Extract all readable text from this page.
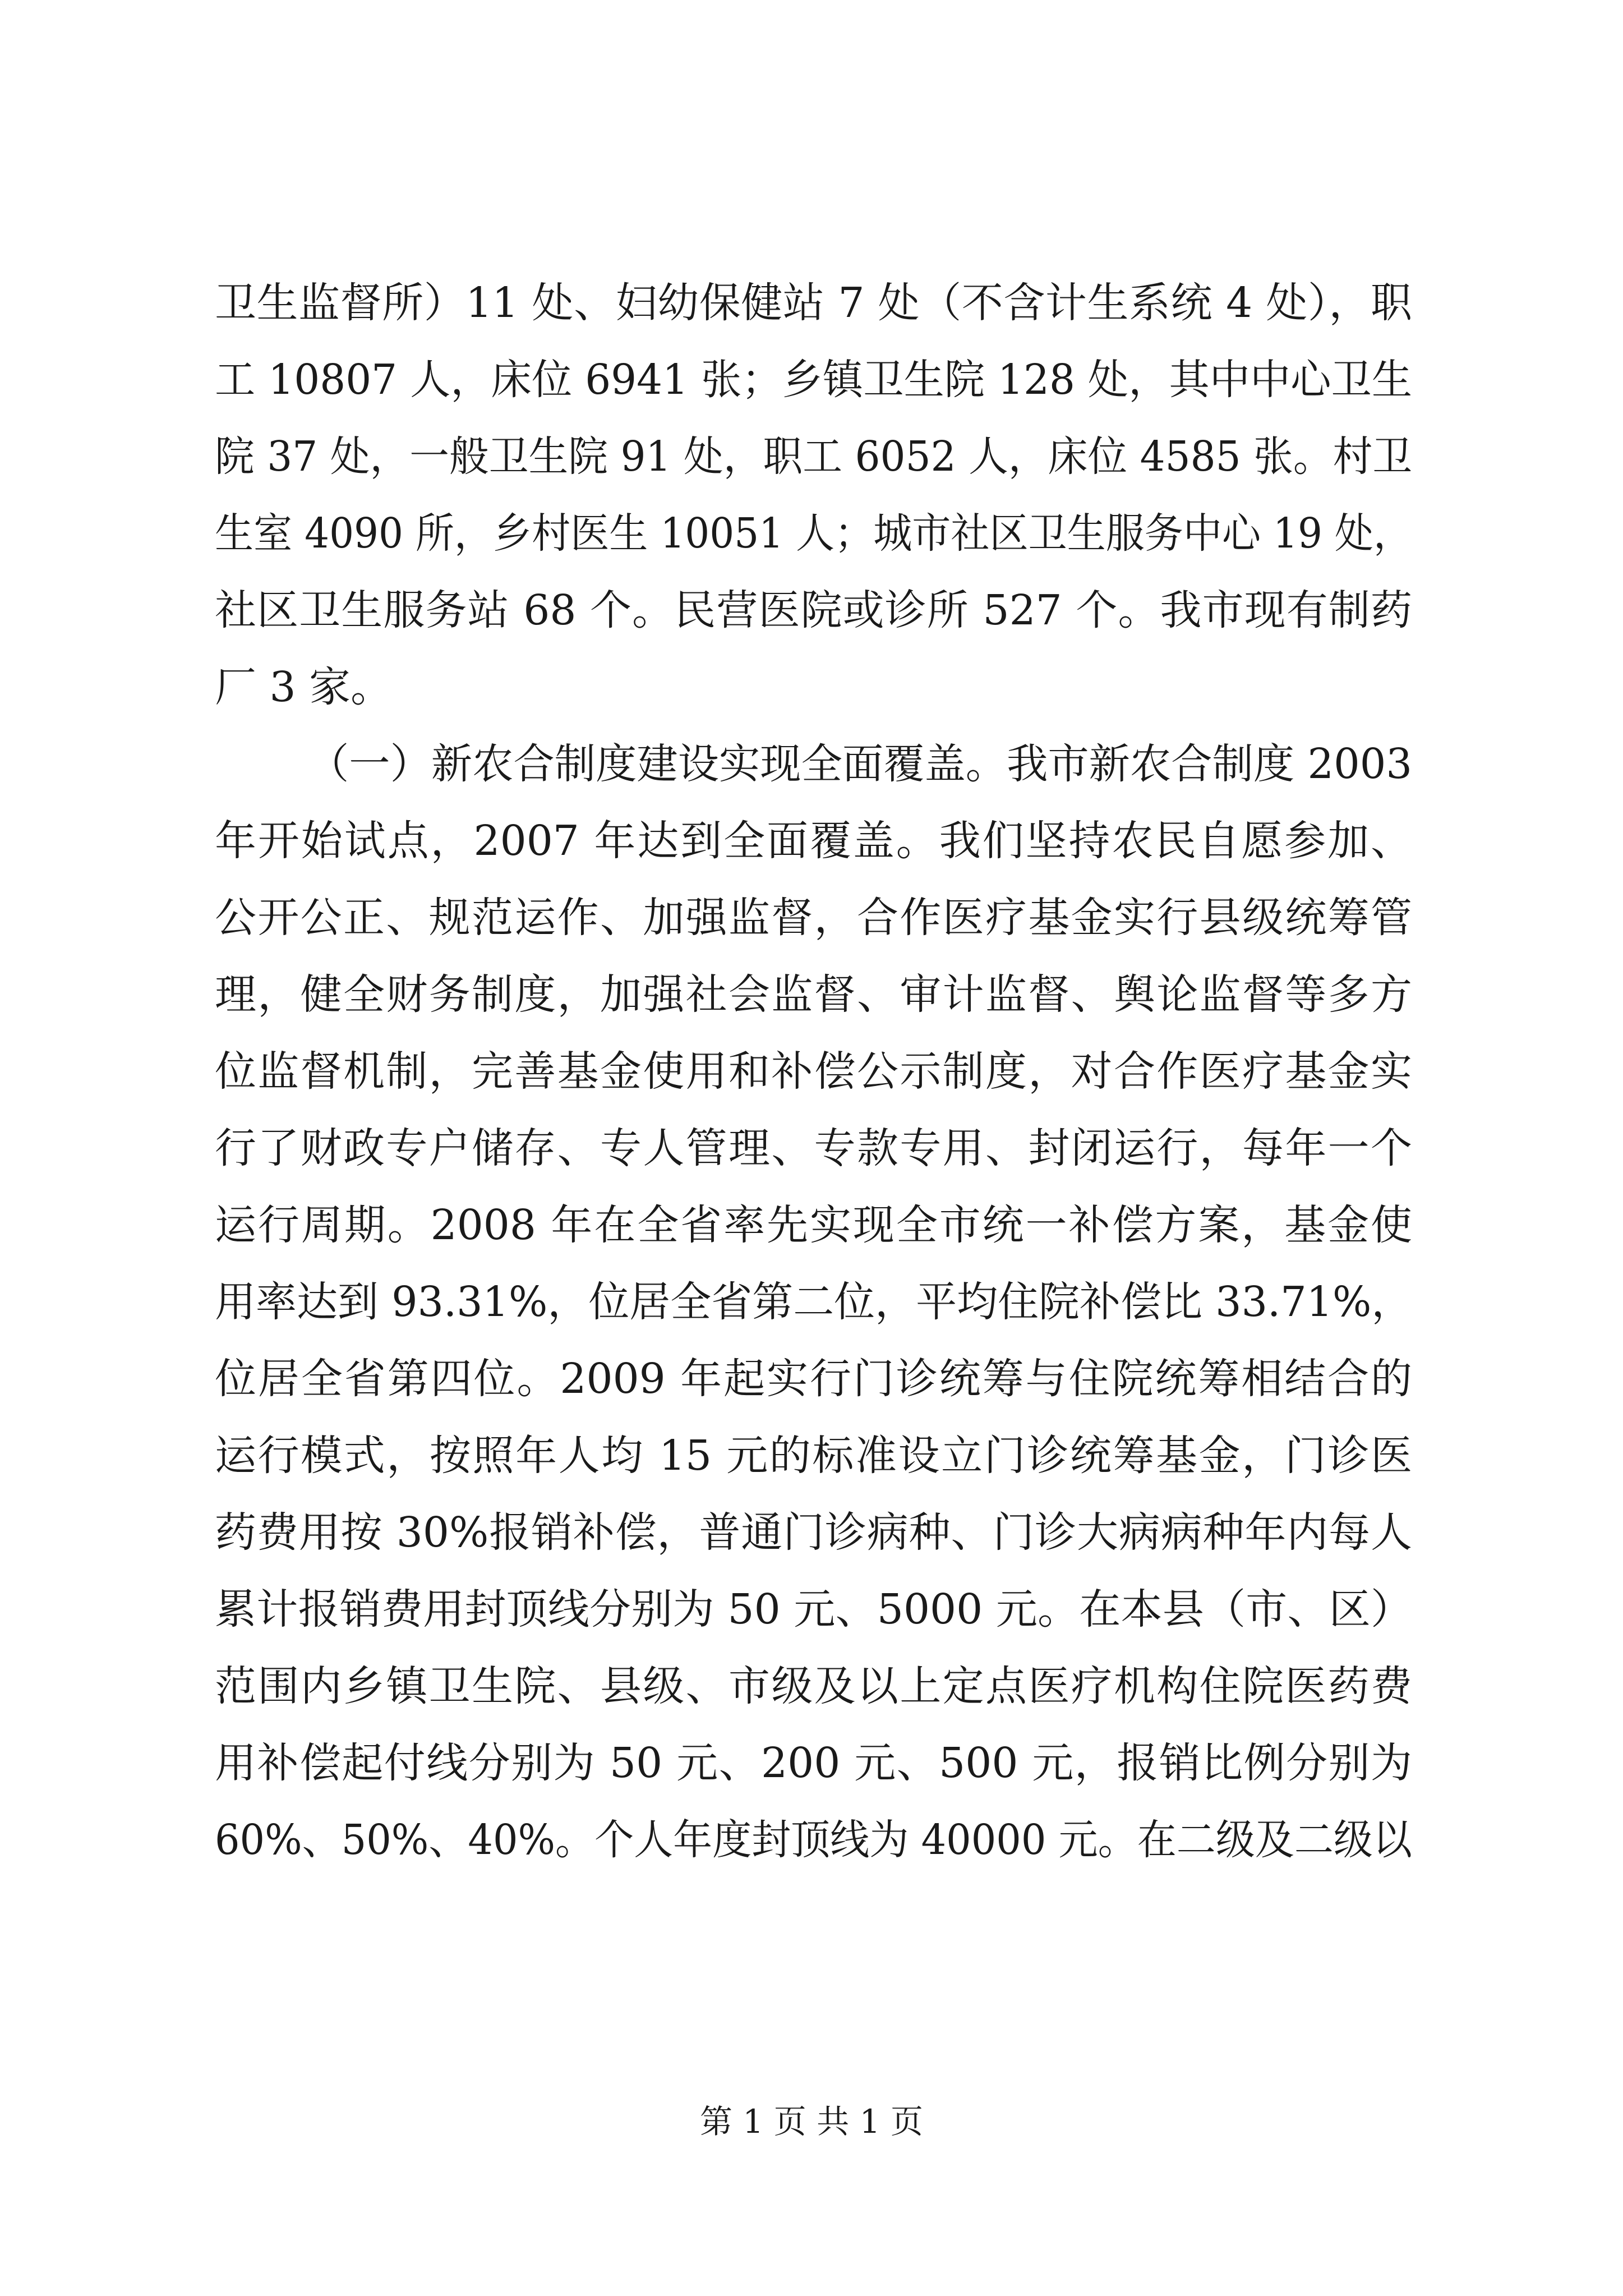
卫生监督所）11 处、妇幼保健站 7 处（不含计生系统 4 处），职
工 10807 人，床位 6941 张；乡镇卫生院 128 处，其中中心卫生
院 37 处，一般卫生院 91 处，职工 6052 人，床位 4585 张。村卫
生室 4090 所，乡村医生 10051 人；城市社区卫生服务中心 19 处，
社区卫生服务站 68 个。民营医院或诊所 527 个。我市现有制药
厂 3 家。
（一）新农合制度建设实现全面覆盖。我市新农合制度 2003
年开始试点，2007 年达到全面覆盖。我们坚持农民自愿参加、
公开公正、规范运作、加强监督，合作医疗基金实行县级统筹管
理，健全财务制度，加强社会监督、审计监督、舆论监督等多方
位监督机制，完善基金使用和补偿公示制度，对合作医疗基金实
行了财政专户储存、专人管理、专款专用、封闭运行，每年一个
运行周期。2008 年在全省率先实现全市统一补偿方案，基金使
用率达到 93.31%，位居全省第二位，平均住院补偿比 33.71%，
位居全省第四位。2009 年起实行门诊统筹与住院统筹相结合的
运行模式，按照年人均 15 元的标准设立门诊统筹基金，门诊医
药费用按 30%报销补偿，普通门诊病种、门诊大病病种年内每人
累计报销费用封顶线分别为 50 元、5000 元。在本县（市、区）
范围内乡镇卫生院、县级、市级及以上定点医疗机构住院医药费
用补偿起付线分别为 50 元、200 元、500 元，报销比例分别为
60%、50%、40%。个人年度封顶线为 40000 元。在二级及二级以
第 1 页 共 1 页
